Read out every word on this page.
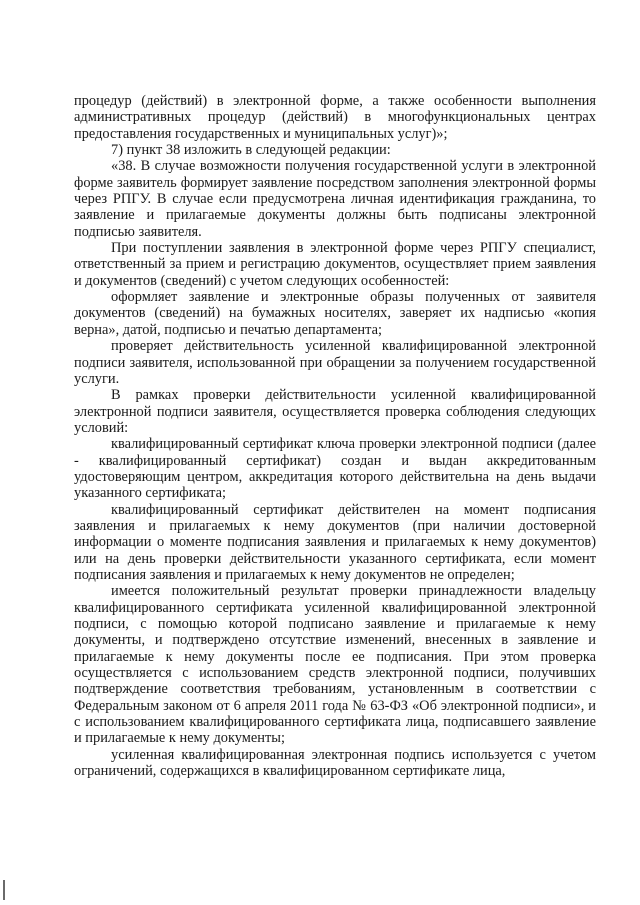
процедур (действий) в электронной форме, а также особенности выполнения административных процедур (действий) в многофункциональных центрах предоставления государственных и муниципальных услуг)»;

7) пункт 38 изложить в следующей редакции:

«38. В случае возможности получения государственной услуги в электронной форме заявитель формирует заявление посредством заполнения электронной формы через РПГУ. В случае если предусмотрена личная идентификация гражданина, то заявление и прилагаемые документы должны быть подписаны электронной подписью заявителя.

При поступлении заявления в электронной форме через РПГУ специалист, ответственный за прием и регистрацию документов, осуществляет прием заявления и документов (сведений) с учетом следующих особенностей:

оформляет заявление и электронные образы полученных от заявителя документов (сведений) на бумажных носителях, заверяет их надписью «копия верна», датой, подписью и печатью департамента;

проверяет действительность усиленной квалифицированной электронной подписи заявителя, использованной при обращении за получением государственной услуги.

В рамках проверки действительности усиленной квалифицированной электронной подписи заявителя, осуществляется проверка соблюдения следующих условий:

квалифицированный сертификат ключа проверки электронной подписи (далее - квалифицированный сертификат) создан и выдан аккредитованным удостоверяющим центром, аккредитация которого действительна на день выдачи указанного сертификата;

квалифицированный сертификат действителен на момент подписания заявления и прилагаемых к нему документов (при наличии достоверной информации о моменте подписания заявления и прилагаемых к нему документов) или на день проверки действительности указанного сертификата, если момент подписания заявления и прилагаемых к нему документов не определен;

имеется положительный результат проверки принадлежности владельцу квалифицированного сертификата усиленной квалифицированной электронной подписи, с помощью которой подписано заявление и прилагаемые к нему документы, и подтверждено отсутствие изменений, внесенных в заявление и прилагаемые к нему документы после ее подписания. При этом проверка осуществляется с использованием средств электронной подписи, получивших подтверждение соответствия требованиям, установленным в соответствии с Федеральным законом от 6 апреля 2011 года № 63-ФЗ «Об электронной подписи», и с использованием квалифицированного сертификата лица, подписавшего заявление и прилагаемые к нему документы;

усиленная квалифицированная электронная подпись используется с учетом ограничений, содержащихся в квалифицированном сертификате лица,
